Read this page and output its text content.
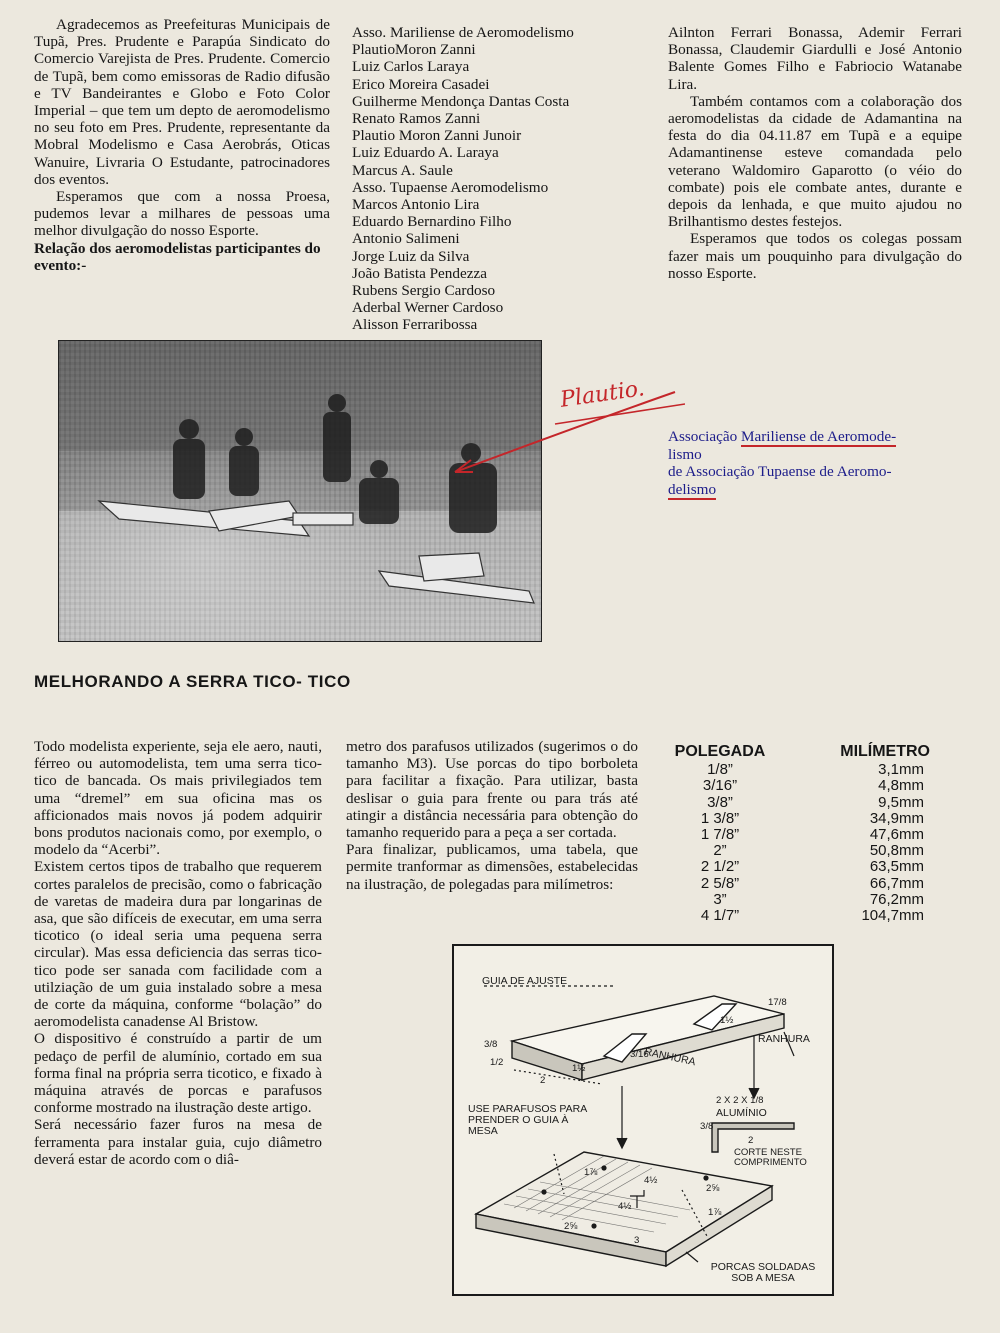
Agradecemos as Preefeituras Municipais de Tupã, Pres. Prudente e Parapúa Sindicato do Comercio Varejista de Pres. Prudente. Comercio de Tupã, bem como emissoras de Radio difusão e TV Bandeirantes e Globo e Foto Color Imperial – que tem um depto de aeromodelismo no seu foto em Pres. Prudente, representante da Mobral Modelismo e Casa Aerobrás, Oticas Wanuire, Livraria O Estudante, patrocinadores dos eventos.

Esperamos que com a nossa Proesa, pudemos levar a milhares de pessoas uma melhor divulgação do nosso Esporte.

Relação dos aeromodelistas participantes do evento:-

Asso. Mariliense de Aeromodelismo
PlautioMoron Zanni
Luiz Carlos Laraya
Erico Moreira Casadei
Guilherme Mendonça Dantas Costa
Renato Ramos Zanni
Plautio Moron Zanni Junoir
Luiz Eduardo A. Laraya
Marcus A. Saule
Asso. Tupaense Aeromodelismo
Marcos Antonio Lira
Eduardo Bernardino Filho
Antonio Salimeni
Jorge Luiz da Silva
João Batista Pendezza
Rubens Sergio Cardoso
Aderbal Werner Cardoso
Alisson Ferraribossa

Ailnton Ferrari Bonassa, Ademir Ferrari Bonassa, Claudemir Giardulli e José Antonio Balente Gomes Filho e Fabriocio Watanabe Lira.

Também contamos com a colaboração dos aeromodelistas da cidade de Adamantina na festa do dia 04.11.87 em Tupã e a equipe Adamantinense esteve comandada pelo veterano Waldomiro Gaparotto (o véio do combate) pois ele combate antes, durante e depois da lenhada, e que muito ajudou no Brilhantismo destes festejos.

Esperamos que todos os colegas possam fazer mais um pouquinho para divulgação do nosso Esporte.

Plautio.
Associação Mariliense de Aeromode-
lismo
de Associação Tupaense de Aeromo-
delismo
MELHORANDO A SERRA TICO- TICO

Todo modelista experiente, seja ele aero, nauti, férreo ou automodelista, tem uma serra tico-tico de bancada. Os mais privilegiados tem uma “dremel” em sua oficina mas os afficionados mais novos já podem adquirir bons produtos nacionais como, por exemplo, o modelo da “Acerbi”.

Existem certos tipos de trabalho que requerem cortes paralelos de precisão, como o fabricação de varetas de madeira dura par longarinas de asa, que são difíceis de executar, em uma serra ticotico (o ideal seria uma pequena serra circular). Mas essa deficiencia das serras tico-tico pode ser sanada com facilidade com a utilziação de um guia instalado sobre a mesa de corte da máquina, conforme “bolação” do aeromodelista canadense Al Bristow.

O dispositivo é construído a partir de um pedaço de perfil de alumínio, cortado em sua forma final na própria serra ticotico, e fixado à máquina através de porcas e parafusos conforme mostrado na ilustração deste artigo.

Será necessário fazer furos na mesa de ferramenta para instalar guia, cujo diâmetro deverá estar de acordo com o diâ-

metro dos parafusos utilizados (sugerimos o do tamanho M3). Use porcas do tipo borboleta para facilitar a fixação. Para utilizar, basta deslisar o guia para frente ou para trás até atingir a distância necessária para obtenção do tamanho requerido para a peça a ser cortada.

Para finalizar, publicamos, uma tabela, que permite tranformar as dimensões, estabelecidas na ilustração, de polegadas para milímetros:

POLEGADA	MILÍMETRO
1/8”	3,1mm
3/16”	4,8mm
3/8”	9,5mm
1 3/8”	34,9mm
1 7/8”	47,6mm
2”	50,8mm
2 1/2”	63,5mm
2 5/8”	66,7mm
3”	76,2mm
4 1/7”	104,7mm
GUIA DE AJUSTE
RANHURA
RANHURA
3/8
1/2
2
17/8
1½
3/16
1½
2 X 2 X 1/8
ALUMÍNIO
3/8
2
CORTE NESTE COMPRIMENTO
USE PARAFUSOS PARA PRENDER O GUIA À MESA
1⅞
4½
2⅝
4½
2⅝
1⅞
3
PORCAS SOLDADAS SOB A MESA
